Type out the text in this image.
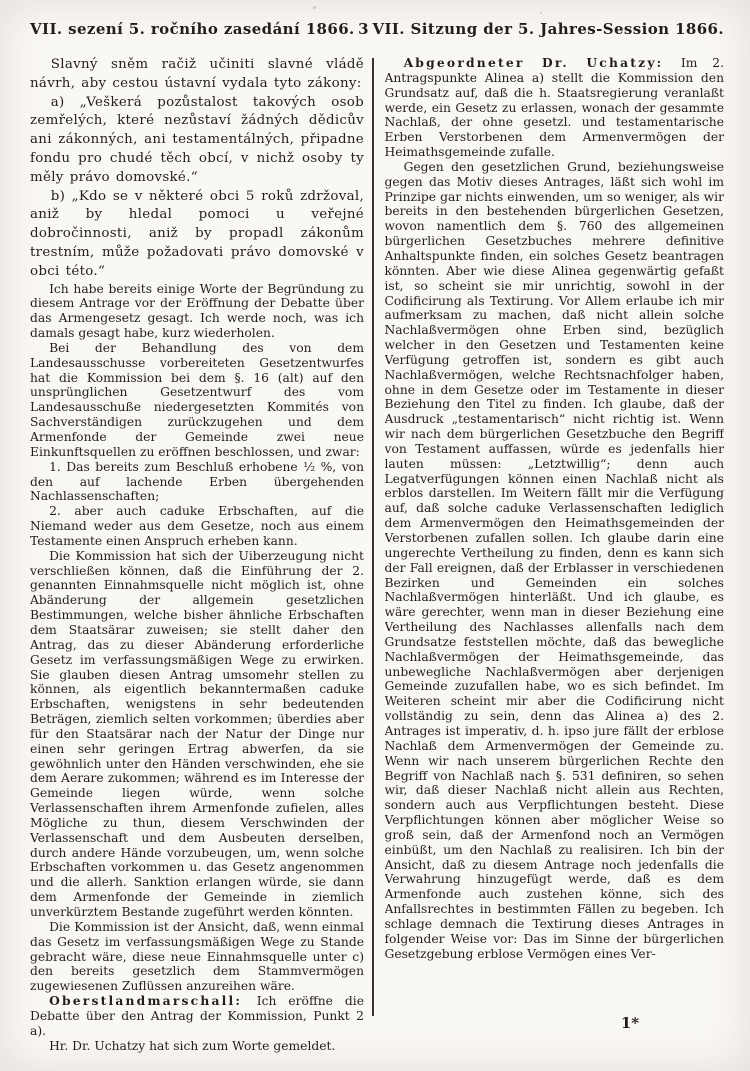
VII. sezení 5. ročního zasedání 1866. 3 VII. Sitzung der 5. Jahres-Session 1866.

Slavný sněm račiž učiniti slavné vládě návrh, aby cestou ústavní vydala tyto zákony:

a) „Veškerá pozůstalost takových osob zemřelých, které nezůstaví žádných dědicův ani zákonných, ani testamentálných, připadne fondu pro chudé těch obcí, v nichž osoby ty měly právo domovské.“

b) „Kdo se v některé obci 5 roků zdržoval, aniž by hledal pomoci u veřejné dobročinnosti, aniž by propadl zákonům trestním, může požadovati právo domovské v obci této.“

Ich habe bereits einige Worte der Begründung zu diesem Antrage vor der Eröffnung der Debatte über das Armengesetz gesagt. Ich werde noch, was ich damals gesagt habe, kurz wiederholen.

Bei der Behandlung des von dem Landesausschusse vorbereiteten Gesetzentwurfes hat die Kommission bei dem §. 16 (alt) auf den unsprünglichen Gesetzentwurf des vom Landesausschuße niedergesetzten Kommités von Sachverständigen zurückzugehen und dem Armenfonde der Gemeinde zwei neue Einkunftsquellen zu eröffnen beschlossen, und zwar:

1. Das bereits zum Beschluß erhobene ½ %, von den auf lachende Erben übergehenden Nachlassenschaften;

2. aber auch caduke Erbschaften, auf die Niemand weder aus dem Gesetze, noch aus einem Testamente einen Anspruch erheben kann.

Die Kommission hat sich der Uiberzeugung nicht verschließen können, daß die Einführung der 2. genannten Einnahmsquelle nicht möglich ist, ohne Abänderung der allgemein gesetzlichen Bestimmungen, welche bisher ähnliche Erbschaften dem Staatsärar zuweisen; sie stellt daher den Antrag, das zu dieser Abänderung erforderliche Gesetz im verfassungsmäßigen Wege zu erwirken. Sie glauben diesen Antrag umsomehr stellen zu können, als eigentlich bekanntermaßen caduke Erbschaften, wenigstens in sehr bedeutenden Beträgen, ziemlich selten vorkommen; überdies aber für den Staatsärar nach der Natur der Dinge nur einen sehr geringen Ertrag abwerfen, da sie gewöhnlich unter den Händen verschwinden, ehe sie dem Aerare zukommen; während es im Interesse der Gemeinde liegen würde, wenn solche Verlassenschaften ihrem Armenfonde zufielen, alles Mögliche zu thun, diesem Verschwinden der Verlassenschaft und dem Ausbeuten derselben, durch andere Hände vorzubeugen, um, wenn solche Erbschaften vorkommen u. das Gesetz angenommen und die allerh. Sanktion erlangen würde, sie dann dem Armenfonde der Gemeinde in ziemlich unverkürztem Bestande zugeführt werden könnten.

Die Kommission ist der Ansicht, daß, wenn einmal das Gesetz im verfassungsmäßigen Wege zu Stande gebracht wäre, diese neue Einnahmsquelle unter c) den bereits gesetzlich dem Stammvermögen zugewiesenen Zuflüssen anzureihen wäre.

Oberstlandmarschall: Ich eröffne die Debatte über den Antrag der Kommission, Punkt 2 a).

Hr. Dr. Uchatzy hat sich zum Worte gemeldet.

Abgeordneter Dr. Uchatzy: Im 2. Antragspunkte Alinea a) stellt die Kommission den Grundsatz auf, daß die h. Staatsregierung veranlaßt werde, ein Gesetz zu erlassen, wonach der gesammte Nachlaß, der ohne gesetzl. und testamentarische Erben Verstorbenen dem Armenvermögen der Heimathsgemeinde zufalle.

Gegen den gesetzlichen Grund, beziehungsweise gegen das Motiv dieses Antrages, läßt sich wohl im Prinzipe gar nichts einwenden, um so weniger, als wir bereits in den bestehenden bürgerlichen Gesetzen, wovon namentlich dem §. 760 des allgemeinen bürgerlichen Gesetzbuches mehrere definitive Anhaltspunkte finden, ein solches Gesetz beantragen könnten. Aber wie diese Alinea gegenwärtig gefaßt ist, so scheint sie mir unrichtig, sowohl in der Codificirung als Textirung. Vor Allem erlaube ich mir aufmerksam zu machen, daß nicht allein solche Nachlaßvermögen ohne Erben sind, bezüglich welcher in den Gesetzen und Testamenten keine Verfügung getroffen ist, sondern es gibt auch Nachlaßvermögen, welche Rechtsnachfolger haben, ohne in dem Gesetze oder im Testamente in dieser Beziehung den Titel zu finden. Ich glaube, daß der Ausdruck „testamentarisch“ nicht richtig ist. Wenn wir nach dem bürgerlichen Gesetzbuche den Begriff von Testament auffassen, würde es jedenfalls hier lauten müssen: „Letztwillig“; denn auch Legatverfügungen können einen Nachlaß nicht als erblos darstellen. Im Weitern fällt mir die Verfügung auf, daß solche caduke Verlassenschaften lediglich dem Armenvermögen den Heimathsgemeinden der Verstorbenen zufallen sollen. Ich glaube darin eine ungerechte Vertheilung zu finden, denn es kann sich der Fall ereignen, daß der Erblasser in verschiedenen Bezirken und Gemeinden ein solches Nachlaßvermögen hinterläßt. Und ich glaube, es wäre gerechter, wenn man in dieser Beziehung eine Vertheilung des Nachlasses allenfalls nach dem Grundsatze feststellen möchte, daß das bewegliche Nachlaßvermögen der Heimathsgemeinde, das unbewegliche Nachlaßvermögen aber derjenigen Gemeinde zuzufallen habe, wo es sich befindet. Im Weiteren scheint mir aber die Codificirung nicht vollständig zu sein, denn das Alinea a) des 2. Antrages ist imperativ, d. h. ipso jure fällt der erblose Nachlaß dem Armenvermögen der Gemeinde zu. Wenn wir nach unserem bürgerlichen Rechte den Begriff von Nachlaß nach §. 531 definiren, so sehen wir, daß dieser Nachlaß nicht allein aus Rechten, sondern auch aus Verpflichtungen besteht. Diese Verpflichtungen können aber möglicher Weise so groß sein, daß der Armenfond noch an Vermögen einbüßt, um den Nachlaß zu realisiren. Ich bin der Ansicht, daß zu diesem Antrage noch jedenfalls die Verwahrung hinzugefügt werde, daß es dem Armenfonde auch zustehen könne, sich des Anfallsrechtes in bestimmten Fällen zu begeben. Ich schlage demnach die Textirung dieses Antrages in folgender Weise vor: Das im Sinne der bürgerlichen Gesetzgebung erblose Vermögen eines Ver-

1*
